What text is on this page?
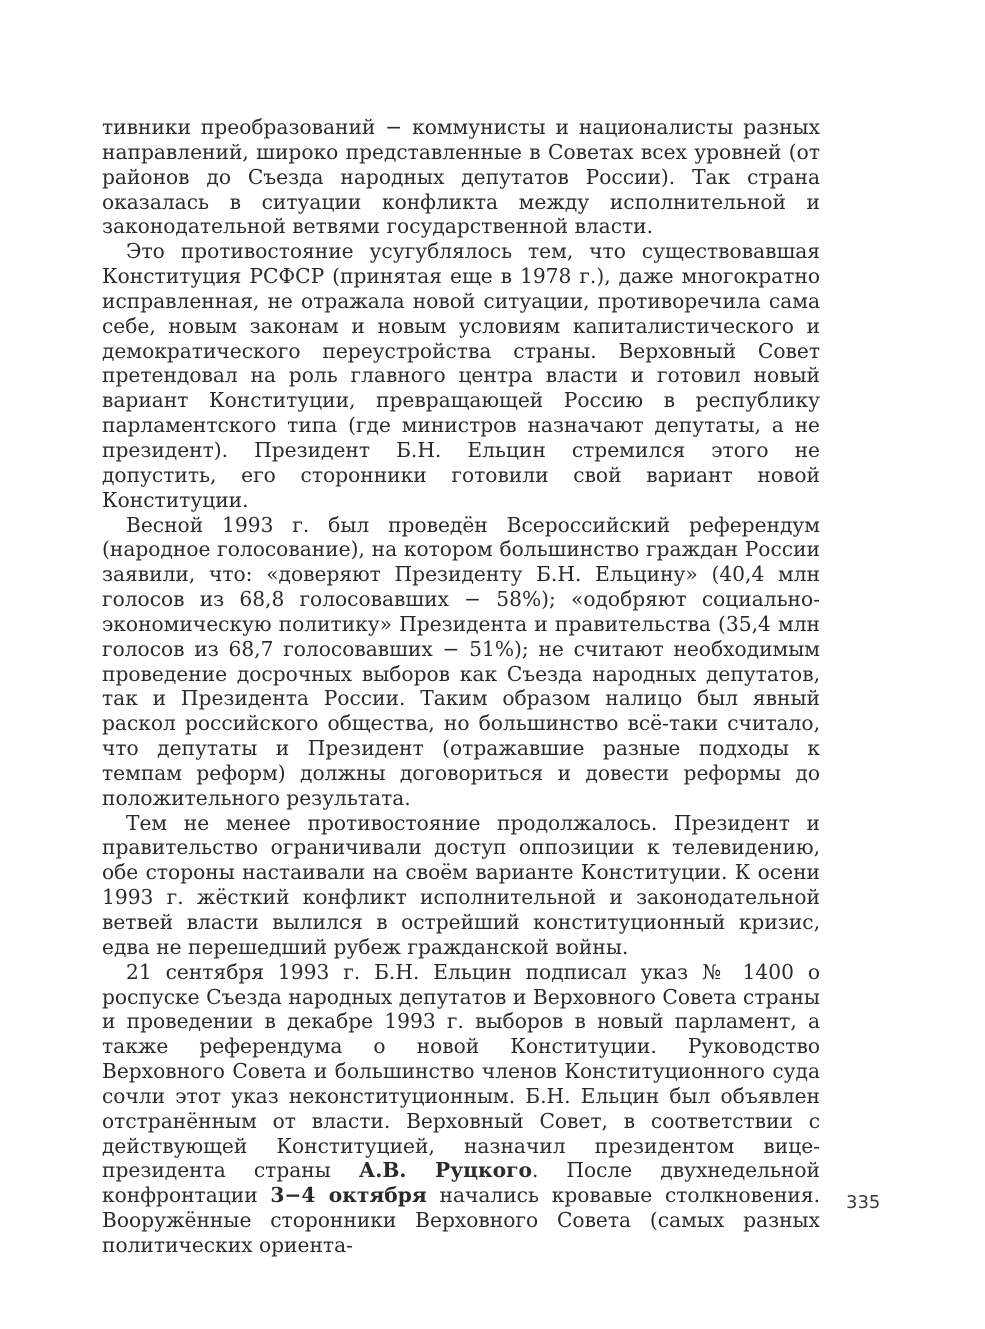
тивники преобразований − коммунисты и националисты разных направлений, широко представленные в Советах всех уровней (от районов до Съезда народных депутатов России). Так страна оказалась в ситуации конфликта между исполнительной и законодательной ветвями государственной власти.

Это противостояние усугублялось тем, что существовавшая Конституция РСФСР (принятая еще в 1978 г.), даже многократно исправленная, не отражала новой ситуации, противоречила сама себе, новым законам и новым условиям капиталистического и демократического переустройства страны. Верховный Совет претендовал на роль главного центра власти и готовил новый вариант Конституции, превращающей Россию в республику парламентского типа (где министров назначают депутаты, а не президент). Президент Б.Н. Ельцин стремился этого не допустить, его сторонники готовили свой вариант новой Конституции.

Весной 1993 г. был проведён Всероссийский референдум (народное голосование), на котором большинство граждан России заявили, что: «доверяют Президенту Б.Н. Ельцину» (40,4 млн голосов из 68,8 голосовавших − 58%); «одобряют социально-экономическую политику» Президента и правительства (35,4 млн голосов из 68,7 голосовавших − 51%); не считают необходимым проведение досрочных выборов как Съезда народных депутатов, так и Президента России. Таким образом налицо был явный раскол российского общества, но большинство всё-таки считало, что депутаты и Президент (отражавшие разные подходы к темпам реформ) должны договориться и довести реформы до положительного результата.

Тем не менее противостояние продолжалось. Президент и правительство ограничивали доступ оппозиции к телевидению, обе стороны настаивали на своём варианте Конституции. К осени 1993 г. жёсткий конфликт исполнительной и законодательной ветвей власти вылился в острейший конституционный кризис, едва не перешедший рубеж гражданской войны.

21 сентября 1993 г. Б.Н. Ельцин подписал указ № 1400 о роспуске Съезда народных депутатов и Верховного Совета страны и проведении в декабре 1993 г. выборов в новый парламент, а также референдума о новой Конституции. Руководство Верховного Совета и большинство членов Конституционного суда сочли этот указ неконституционным. Б.Н. Ельцин был объявлен отстранённым от власти. Верховный Совет, в соответствии с действующей Конституцией, назначил президентом вице-президента страны А.В. Руцкого. После двухнедельной конфронтации 3−4 октября начались кровавые столкновения. Вооружённые сторонники Верховного Совета (самых разных политических ориента-

335
